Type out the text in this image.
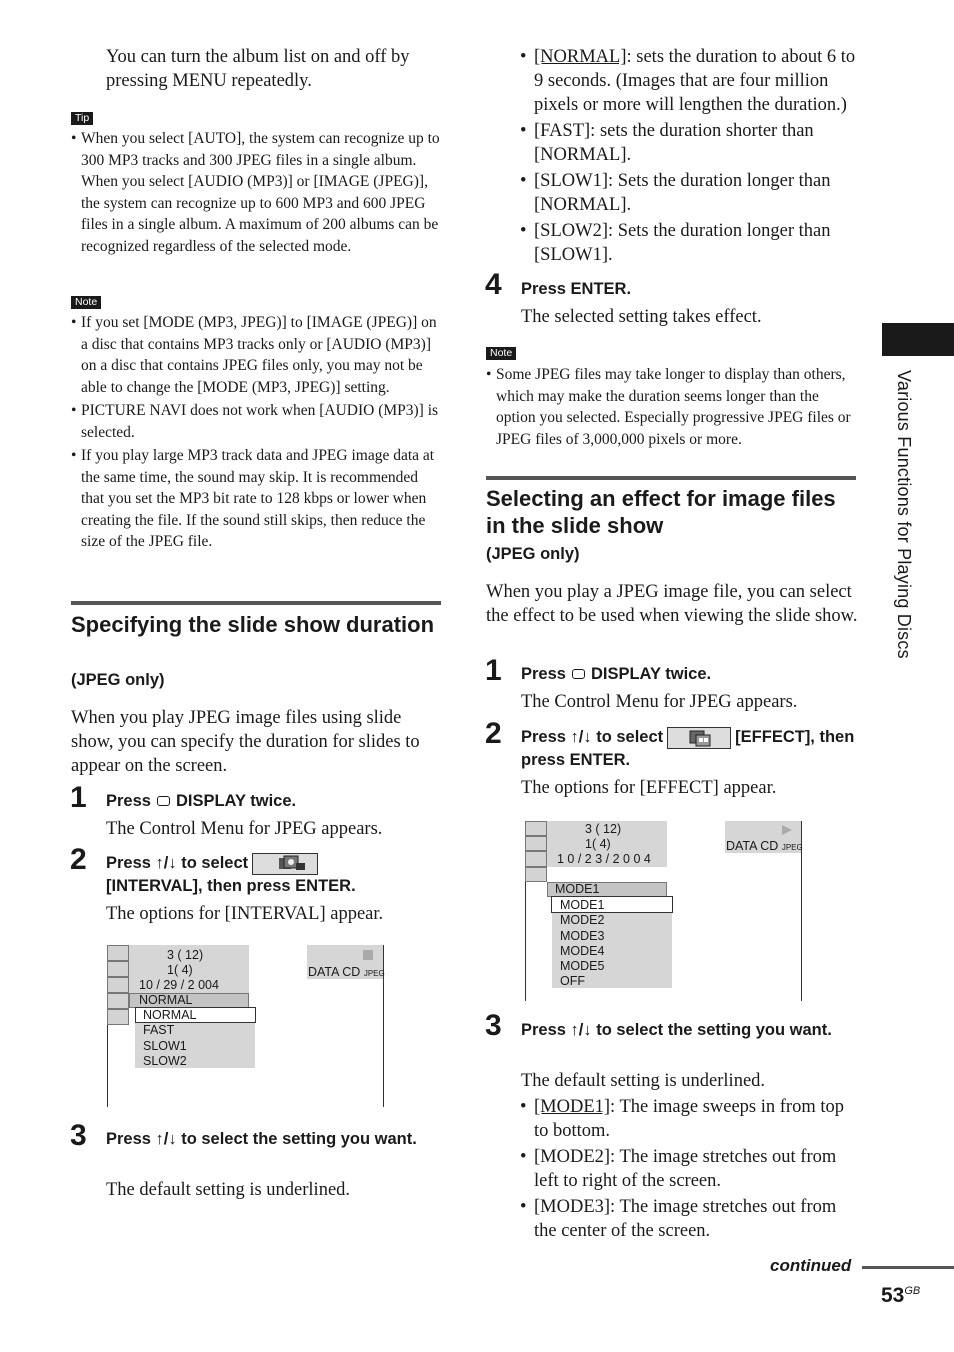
You can turn the album list on and off by pressing MENU repeatedly.
Tip
• When you select [AUTO], the system can recognize up to 300 MP3 tracks and 300 JPEG files in a single album. When you select [AUDIO (MP3)] or [IMAGE (JPEG)], the system can recognize up to 600 MP3 and 600 JPEG files in a single album. A maximum of 200 albums can be recognized regardless of the selected mode.
Note
• If you set [MODE (MP3, JPEG)] to [IMAGE (JPEG)] on a disc that contains MP3 tracks only or [AUDIO (MP3)] on a disc that contains JPEG files only, you may not be able to change the [MODE (MP3, JPEG)] setting.
• PICTURE NAVI does not work when [AUDIO (MP3)] is selected.
• If you play large MP3 track data and JPEG image data at the same time, the sound may skip. It is recommended that you set the MP3 bit rate to 128 kbps or lower when creating the file. If the sound still skips, then reduce the size of the JPEG file.
Specifying the slide show duration
(JPEG only)
When you play JPEG image files using slide show, you can specify the duration for slides to appear on the screen.
1 Press DISPLAY twice.
The Control Menu for JPEG appears.
2 Press ↑/↓ to select
[INTERVAL], then press ENTER.
The options for [INTERVAL] appear.
3 ( 12)
1( 4)
10 / 29 / 2 004
DATA CD JPEG
NORMAL
NORMAL
FAST
SLOW1
SLOW2
3 Press ↑/↓ to select the setting you want.
The default setting is underlined.
• [NORMAL]: sets the duration to about 6 to 9 seconds. (Images that are four million pixels or more will lengthen the duration.)
• [FAST]: sets the duration shorter than [NORMAL].
• [SLOW1]: Sets the duration longer than [NORMAL].
• [SLOW2]: Sets the duration longer than [SLOW1].
4 Press ENTER.
The selected setting takes effect.
Note
• Some JPEG files may take longer to display than others, which may make the duration seems longer than the option you selected. Especially progressive JPEG files or JPEG files of 3,000,000 pixels or more.
Selecting an effect for image files in the slide show
(JPEG only)
When you play a JPEG image file, you can select the effect to be used when viewing the slide show.
1 Press DISPLAY twice.
The Control Menu for JPEG appears.
2 Press ↑/↓ to select	[EFFECT], then press ENTER.
The options for [EFFECT] appear.
3 ( 12)
1( 4)
1 0 / 2 3 / 2 0 0 4
DATA CD JPEG
MODE1
MODE1
MODE2
MODE3
MODE4
MODE5
OFF
3 Press ↑/↓ to select the setting you want.
The default setting is underlined.
• [MODE1]: The image sweeps in from top to bottom.
• [MODE2]: The image stretches out from left to right of the screen.
• [MODE3]: The image stretches out from the center of the screen.
continued
$53^{GB}$
Various Functions for Playing Discs
